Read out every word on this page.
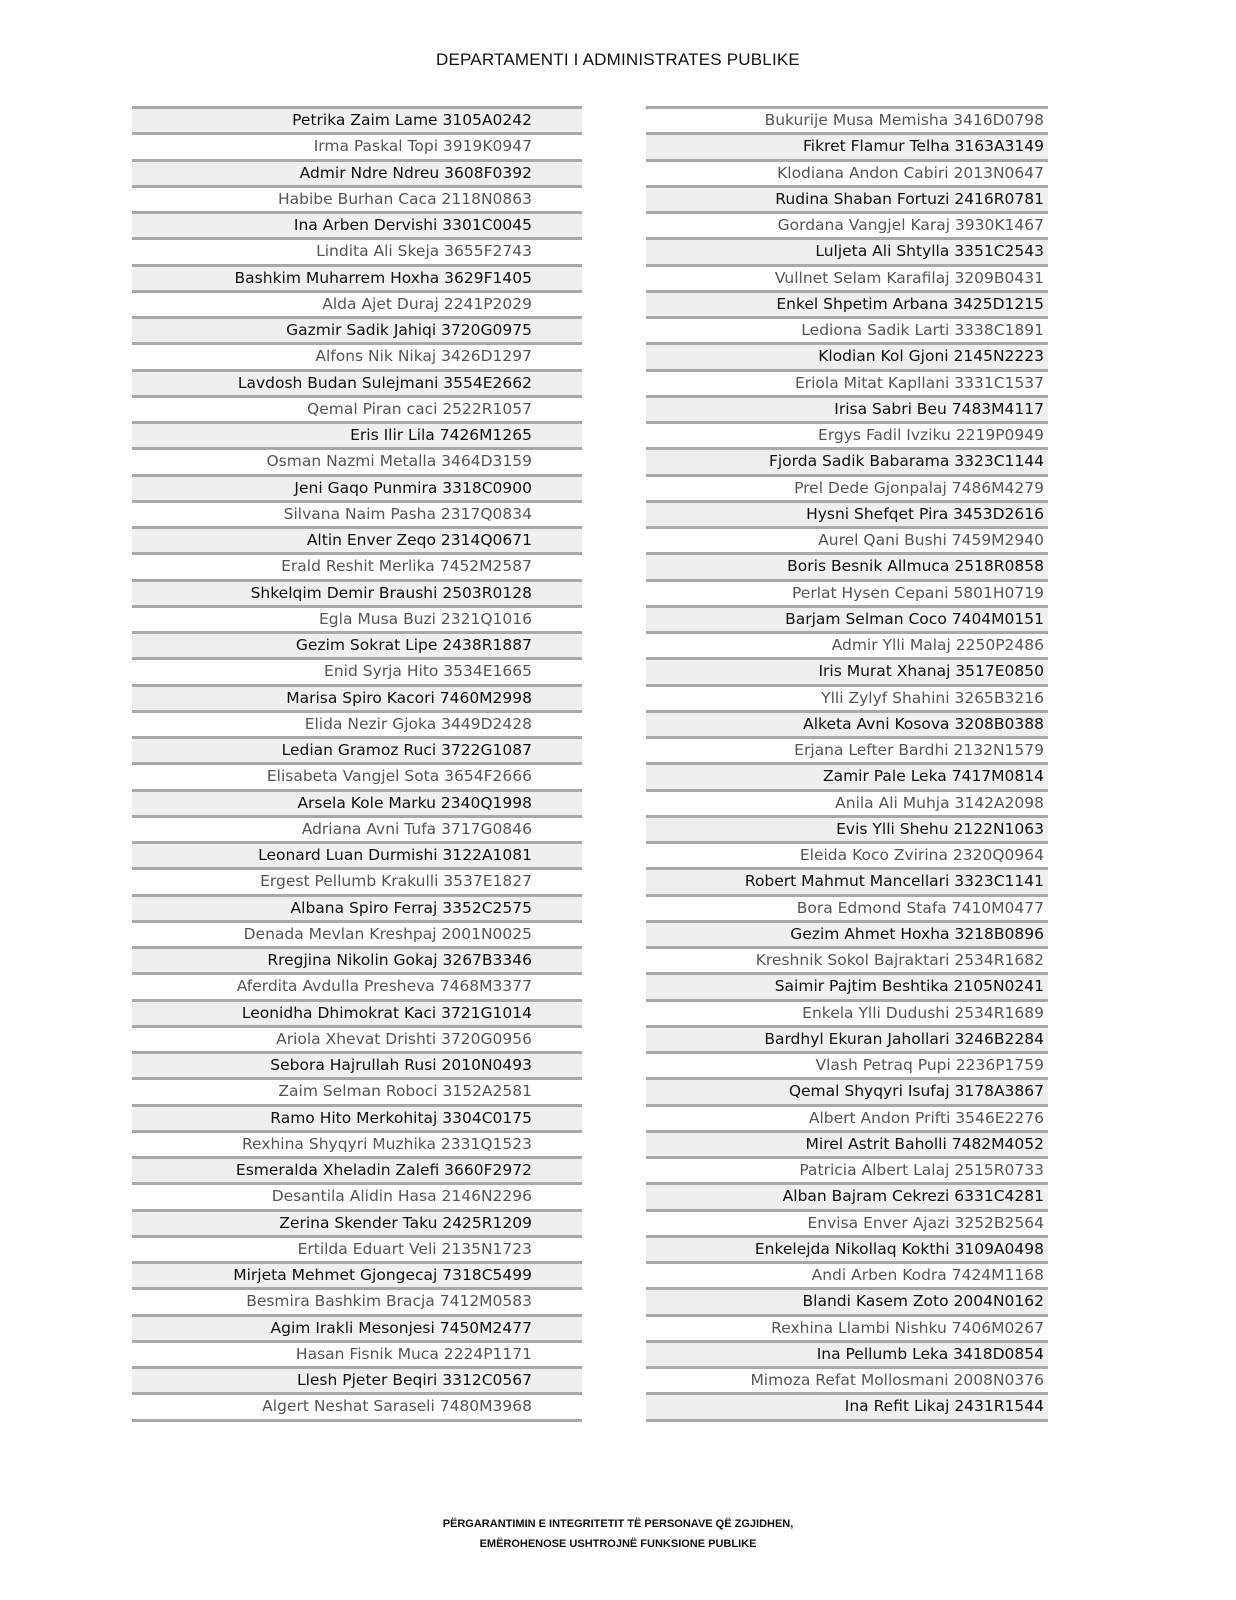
DEPARTAMENTI I ADMINISTRATES PUBLIKE
Petrika Zaim Lame 3105A0242
Irma Paskal Topi 3919K0947
Admir Ndre Ndreu 3608F0392
Habibe Burhan Caca 2118N0863
Ina Arben Dervishi 3301C0045
Lindita Ali Skeja 3655F2743
Bashkim Muharrem Hoxha 3629F1405
Alda Ajet Duraj 2241P2029
Gazmir Sadik Jahiqi 3720G0975
Alfons Nik Nikaj 3426D1297
Lavdosh Budan Sulejmani 3554E2662
Qemal Piran caci 2522R1057
Eris Ilir Lila 7426M1265
Osman Nazmi Metalla 3464D3159
Jeni Gaqo Punmira 3318C0900
Silvana Naim Pasha 2317Q0834
Altin Enver Zeqo 2314Q0671
Erald Reshit Merlika 7452M2587
Shkelqim Demir Braushi 2503R0128
Egla Musa Buzi 2321Q1016
Gezim Sokrat Lipe 2438R1887
Enid Syrja Hito 3534E1665
Marisa Spiro Kacori 7460M2998
Elida Nezir Gjoka 3449D2428
Ledian Gramoz Ruci 3722G1087
Elisabeta Vangjel Sota 3654F2666
Arsela Kole Marku 2340Q1998
Adriana Avni Tufa 3717G0846
Leonard Luan Durmishi 3122A1081
Ergest Pellumb Krakulli 3537E1827
Albana Spiro Ferraj 3352C2575
Denada Mevlan Kreshpaj 2001N0025
Rregjina Nikolin Gokaj 3267B3346
Aferdita Avdulla Presheva 7468M3377
Leonidha Dhimokrat Kaci 3721G1014
Ariola Xhevat Drishti 3720G0956
Sebora Hajrullah Rusi 2010N0493
Zaim Selman Roboci 3152A2581
Ramo Hito Merkohitaj 3304C0175
Rexhina Shyqyri Muzhika 2331Q1523
Esmeralda Xheladin Zalefi 3660F2972
Desantila Alidin Hasa 2146N2296
Zerina Skender Taku 2425R1209
Ertilda Eduart Veli 2135N1723
Mirjeta Mehmet Gjongecaj 7318C5499
Besmira Bashkim Bracja 7412M0583
Agim Irakli Mesonjesi 7450M2477
Hasan Fisnik Muca 2224P1171
Llesh Pjeter Beqiri 3312C0567
Algert Neshat Saraseli 7480M3968
Bukurije Musa Memisha 3416D0798
Fikret Flamur Telha 3163A3149
Klodiana Andon Cabiri 2013N0647
Rudina Shaban Fortuzi 2416R0781
Gordana Vangjel Karaj 3930K1467
Luljeta Ali Shtylla 3351C2543
Vullnet Selam Karafilaj 3209B0431
Enkel Shpetim Arbana 3425D1215
Lediona Sadik Larti 3338C1891
Klodian Kol Gjoni 2145N2223
Eriola Mitat Kapllani 3331C1537
Irisa Sabri Beu 7483M4117
Ergys Fadil Ivziku 2219P0949
Fjorda Sadik Babarama 3323C1144
Prel Dede Gjonpalaj 7486M4279
Hysni Shefqet Pira 3453D2616
Aurel Qani Bushi 7459M2940
Boris Besnik Allmuca 2518R0858
Perlat Hysen Cepani 5801H0719
Barjam Selman Coco 7404M0151
Admir Ylli Malaj 2250P2486
Iris Murat Xhanaj 3517E0850
Ylli Zylyf Shahini 3265B3216
Alketa Avni Kosova 3208B0388
Erjana Lefter Bardhi 2132N1579
Zamir Pale Leka 7417M0814
Anila Ali Muhja 3142A2098
Evis Ylli Shehu 2122N1063
Eleida Koco Zvirina 2320Q0964
Robert Mahmut Mancellari 3323C1141
Bora Edmond Stafa 7410M0477
Gezim Ahmet Hoxha 3218B0896
Kreshnik Sokol Bajraktari 2534R1682
Saimir Pajtim Beshtika 2105N0241
Enkela Ylli Dudushi 2534R1689
Bardhyl Ekuran Jahollari 3246B2284
Vlash Petraq Pupi 2236P1759
Qemal Shyqyri Isufaj 3178A3867
Albert Andon Prifti 3546E2276
Mirel Astrit Baholli 7482M4052
Patricia Albert Lalaj 2515R0733
Alban Bajram Cekrezi 6331C4281
Envisa Enver Ajazi 3252B2564
Enkelejda Nikollaq Kokthi 3109A0498
Andi Arben Kodra 7424M1168
Blandi Kasem Zoto 2004N0162
Rexhina Llambi Nishku 7406M0267
Ina Pellumb Leka 3418D0854
Mimoza Refat Mollosmani 2008N0376
Ina Refit Likaj 2431R1544
PËRGARANTIMIN E INTEGRITETIT TË PERSONAVE QË ZGJIDHEN,
EMËROHENOSE USHTROJNË FUNKSIONE PUBLIKE
